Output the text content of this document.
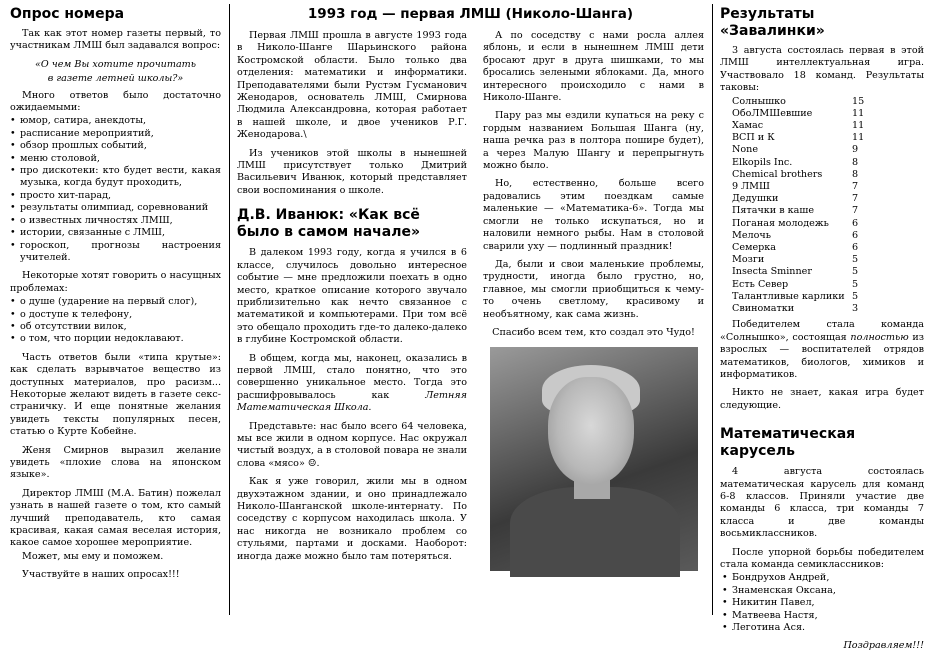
1993 год — первая ЛМШ (Николо-Шанга)
Опрос номера

Так как этот номер газеты первый, то участникам ЛМШ был задавался вопрос:

«О чем Вы хотите прочитать

в газете летней школы?»

Много ответов было достаточно ожидаемыми:

• юмор, сатира, анекдоты,
• расписание мероприятий,
• обзор прошлых событий,
• меню столовой,
• про дискотеки: кто будет вести, какая музыка, когда будут проходить,
• просто хит-парад,
• результаты олимпиад, соревнований
• о известных личностях ЛМШ,
• истории, связанные с ЛМШ,
• гороскоп, прогнозы настроения учителей.

Некоторые хотят говорить о насущных проблемах:

• о душе (ударение на первый слог),
• о доступе к телефону,
• об отсутствии вилок,
• о том, что порции недоклавают.

Часть ответов были «типа крутые»: как сделать взрывчатое вещество из доступных материалов, про расизм... Некоторые желают видеть в газете секс-страничку. И еще понятные желания увидеть тексты популярных песен, статью о Курте Кобейне.

Женя Смирнов выразил желание увидеть «плохие слова на японском языке».

Директор ЛМШ (М.А. Батин) пожелал узнать в нашей газете о том, кто самый лучший преподаватель, кто самая красивая, какая самая веселая история, какое самое хорошее мероприятие.

Может, мы ему и поможем.

Участвуйте в наших опросах!!!

Первая ЛМШ прошла в августе 1993 года в Николо-Шанге Шарьинского района Костромской области. Было только два отделения: математики и информатики. Преподавателями были Рустэм Гусманович Женодаров, основатель ЛМШ, Смирнова Людмила Александровна, которая работает в нашей школе, и двое учеников Р.Г. Женодарова.\

Из учеников этой школы в нынешней ЛМШ присутствует только Дмитрий Васильевич Иванюк, который представляет свои воспоминания о школе.

Д.В. Иванюк: «Как всё было в самом начале»

В далеком 1993 году, когда я учился в 6 классе, случилось довольно интересное событие — мне предложили поехать в одно место, краткое описание которого звучало приблизительно как нечто связанное с математикой и компьютерами. При том всё это обещало проходить где-то далеко-далеко в глубине Костромской области.

В общем, когда мы, наконец, оказались в первой ЛМШ, стало понятно, что это совершенно уникальное место. Тогда это расшифровывалось как Летняя Математическая Школа.

Представьте: нас было всего 64 человека, мы все жили в одном корпусе. Нас окружал чистый воздух, а в столовой повара не знали слова «мясо» ☺.

Как я уже говорил, жили мы в одном двухэтажном здании, и оно принадлежало Николо-Шанганской школе-интернату. По соседству с корпусом находилась школа. У нас никогда не возникало проблем со стульями, партами и досками. Наоборот: иногда даже можно было там потеряться.

А по соседству с нами росла аллея яблонь, и если в нынешнем ЛМШ дети бросают друг в друга шишками, то мы бросались зелеными яблоками. Да, много интересного происходило с нами в Николо-Шанге.

Пару раз мы ездили купаться на реку с гордым названием Большая Шанга (ну, наша речка раз в полтора пошире будет), а через Малую Шангу и перепрыгнуть можно было.

Но, естественно, больше всего радовались этим поездкам самые маленькие — «Математика-6». Тогда мы смогли не только искупаться, но и наловили немного рыбы. Нам в столовой сварили уху — подлинный праздник!

Да, были и свои маленькие проблемы, трудности, иногда было грустно, но, главное, мы смогли приобщиться к чему-то очень светлому, красивому и необъятному, как сама жизнь.

Спасибо всем тем, кто создал это Чудо!

Результаты «Завалинки»

3 августа состоялась первая в этой ЛМШ интеллектуальная игра. Участвовало 18 команд. Результаты таковы:

Солнышко	15
ОбоЛМШевшие	11
Хамас	11
ВСП и К	11
None	9
Elkopils Inc.	8
Chemical brothers	8
9 ЛМШ	7
Дедушки	7
Пятачки в каше	7
Поганая молодежь	6
Мелочь	6
Семерка	6
Мозги	5
Insecta Sminner	5
Есть Север	5
Талантливые карлики	5
Свиноматки	3

Победителем стала команда «Солнышко», состоящая полностью из взрослых — воспитателей отрядов математиков, биологов, химиков и информатиков.

Никто не знает, какая игра будет следующие.

Математическая карусель

4 августа состоялась математическая карусель для команд 6-8 классов. Приняли участие две команды 6 класса, три команды 7 класса и две команды восьмиклассников.

После упорной борьбы победителем стала команда семиклассников:

• Бондрухов Андрей,
• Знаменская Оксана,
• Никитин Павел,
• Матвеева Настя,
• Леготина Ася.

Поздравляем!!!
